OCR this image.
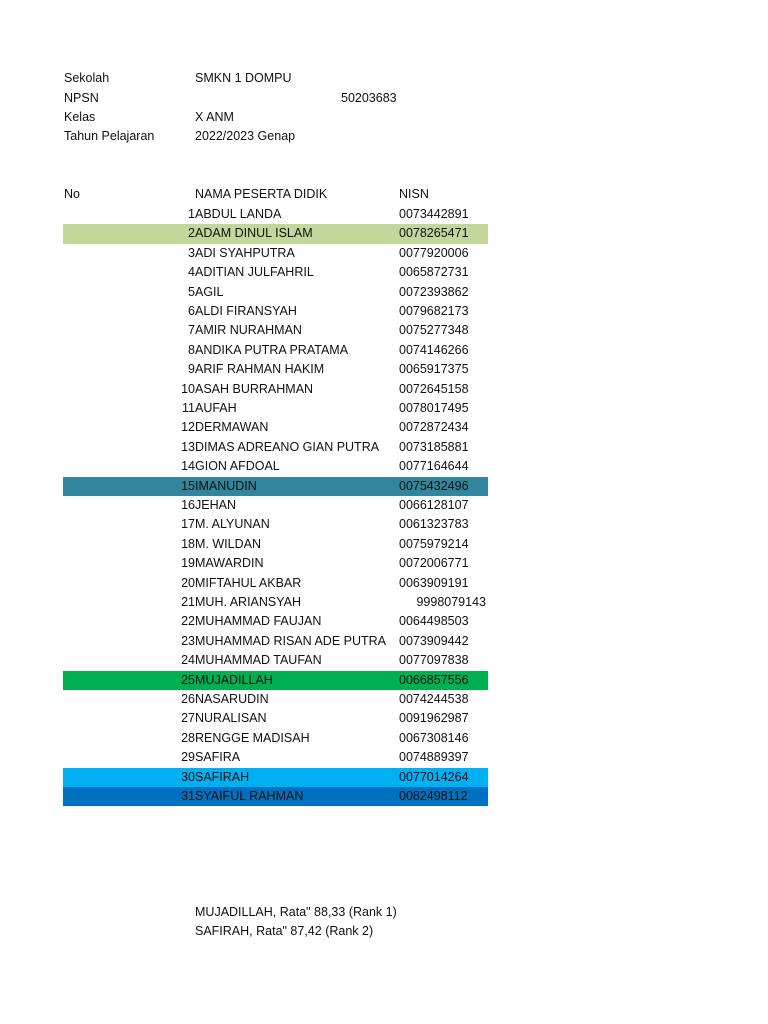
Sekolah	SMKN 1 DOMPU
NPSN	50203683
Kelas	X ANM
Tahun Pelajaran	2022/2023 Genap
No	NAMA PESERTA DIDIK	NISN
1 ABDUL LANDA	0073442891
2 ADAM DINUL ISLAM	0078265471
3 ADI SYAHPUTRA	0077920006
4 ADITIAN JULFAHRIL	0065872731
5 AGIL	0072393862
6 ALDI FIRANSYAH	0079682173
7 AMIR NURAHMAN	0075277348
8 ANDIKA PUTRA PRATAMA	0074146266
9 ARIF RAHMAN HAKIM	0065917375
10 ASAH BURRAHMAN	0072645158
11 AUFAH	0078017495
12 DERMAWAN	0072872434
13 DIMAS ADREANO GIAN PUTRA 0073185881
14 GION AFDOAL	0077164644
15 IMANUDIN	0075432496
16 JEHAN	0066128107
17 M. ALYUNAN	0061323783
18 M. WILDAN	0075979214
19 MAWARDIN	0072006771
20 MIFTAHUL AKBAR	0063909191
21 MUH. ARIANSYAH	9998079143
22 MUHAMMAD FAUJAN	0064498503
23 MUHAMMAD RISAN ADE PUTRA 0073909442
24 MUHAMMAD TAUFAN	0077097838
25 MUJADILLAH	0066857556
26 NASARUDIN	0074244538
27 NURALISAN	0091962987
28 RENGGE MADISAH	0067308146
29 SAFIRA	0074889397
30 SAFIRAH	0077014264
31 SYAIFUL RAHMAN	0082498112
MUJADILLAH, Rata" 88,33 (Rank 1)
SAFIRAH, Rata" 87,42 (Rank 2)
